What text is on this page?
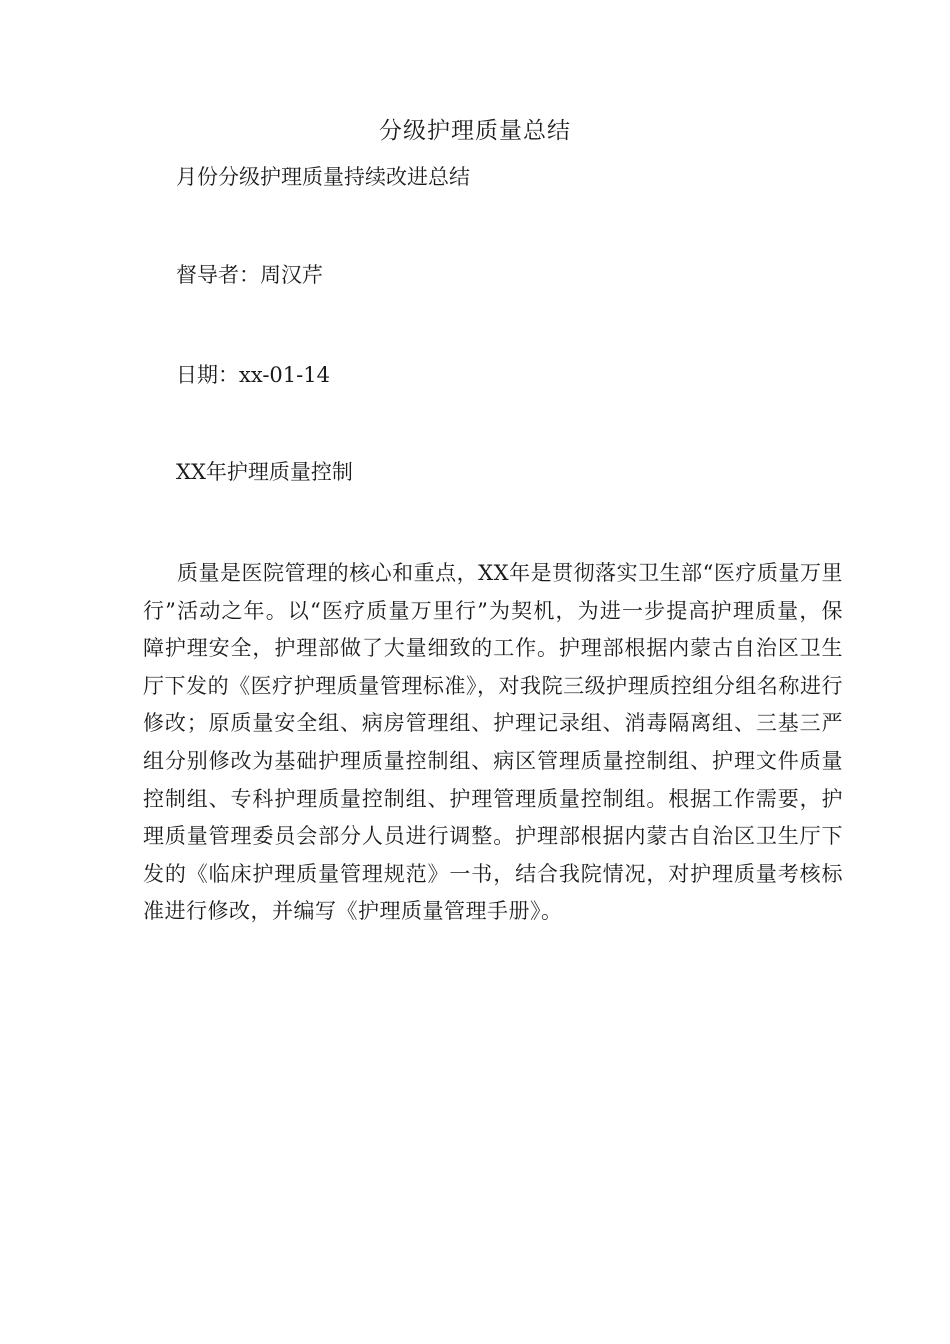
分级护理质量总结
月份分级护理质量持续改进总结
督导者：周汉芹
日期：xx-01-14
XX年护理质量控制
质量是医院管理的核心和重点，XX年是贯彻落实卫生部“医疗质量万里行”活动之年。以“医疗质量万里行”为契机，为进一步提高护理质量，保障护理安全，护理部做了大量细致的工作。护理部根据内蒙古自治区卫生厅下发的《医疗护理质量管理标准》，对我院三级护理质控组分组名称进行修改；原质量安全组、病房管理组、护理记录组、消毒隔离组、三基三严组分别修改为基础护理质量控制组、病区管理质量控制组、护理文件质量控制组、专科护理质量控制组、护理管理质量控制组。根据工作需要，护理质量管理委员会部分人员进行调整。护理部根据内蒙古自治区卫生厅下发的《临床护理质量管理规范》一书，结合我院情况，对护理质量考核标准进行修改，并编写《护理质量管理手册》。
